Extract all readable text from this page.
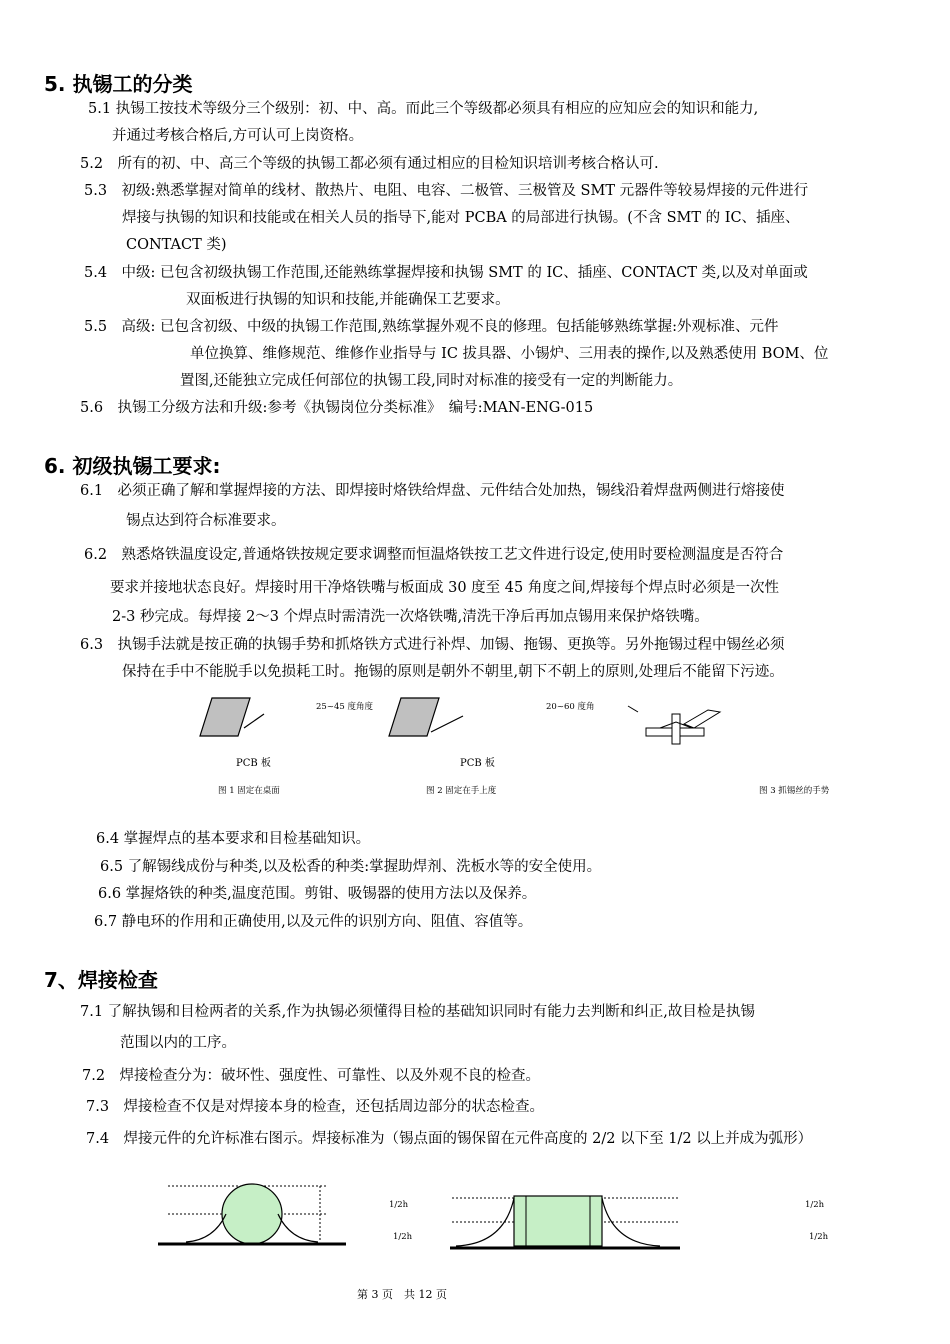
5. 执锡工的分类
5.1 执锡工按技术等级分三个级别：初、中、高。而此三个等级都必须具有相应的应知应会的知识和能力,
并通过考核合格后,方可认可上岗资格。
5.2　所有的初、中、高三个等级的执锡工都必须有通过相应的目检知识培训考核合格认可.
5.3　初级:熟悉掌握对简单的线材、散热片、电阻、电容、二极管、三极管及 SMT 元器件等较易焊接的元件进行
焊接与执锡的知识和技能或在相关人员的指导下,能对 PCBA 的局部进行执锡。(不含 SMT 的 IC、插座、
CONTACT 类)
5.4　中级: 已包含初级执锡工作范围,还能熟练掌握焊接和执锡 SMT 的 IC、插座、CONTACT 类,以及对单面或
双面板进行执锡的知识和技能,并能确保工艺要求。
5.5　高级: 已包含初级、中级的执锡工作范围,熟练掌握外观不良的修理。包括能够熟练掌握:外观标准、元件
单位换算、维修规范、维修作业指导与 IC 拔具器、小锡炉、三用表的操作,以及熟悉使用 BOM、位
置图,还能独立完成任何部位的执锡工段,同时对标准的接受有一定的判断能力。
5.6　执锡工分级方法和升级:参考《执锡岗位分类标准》　编号:MAN-ENG-015
6. 初级执锡工要求:
6.1　必须正确了解和掌握焊接的方法、即焊接时烙铁给焊盘、元件结合处加热，锡线沿着焊盘两侧进行熔接使
锡点达到符合标准要求。
6.2　熟悉烙铁温度设定,普通烙铁按规定要求调整而恒温烙铁按工艺文件进行设定,使用时要检测温度是否符合
要求并接地状态良好。焊接时用干净烙铁嘴与板面成 30 度至 45 角度之间,焊接每个焊点时必须是一次性
2-3 秒完成。每焊接 2～3 个焊点时需清洗一次烙铁嘴,清洗干净后再加点锡用来保护烙铁嘴。
6.3　执锡手法就是按正确的执锡手势和抓烙铁方式进行补焊、加锡、拖锡、更换等。另外拖锡过程中锡丝必须
保持在手中不能脱手以免损耗工时。拖锡的原则是朝外不朝里,朝下不朝上的原则,处理后不能留下污迹。
25~45 度角度	20~60 度角
PCB 板	PCB 板
图 1 固定在桌面	图 2 固定在手上度	图 3 抓锡丝的手势
6.4 掌握焊点的基本要求和目检基础知识。
6.5 了解锡线成份与种类,以及松香的种类:掌握助焊剂、洗板水等的安全使用。
6.6 掌握烙铁的种类,温度范围。剪钳、吸锡器的使用方法以及保养。
6.7 静电环的作用和正确使用,以及元件的识别方向、阻值、容值等。
7、焊接检查
7.1 了解执锡和目检两者的关系,作为执锡必须懂得目检的基础知识同时有能力去判断和纠正,故目检是执锡
范围以内的工序。
7.2　焊接检查分为：破坏性、强度性、可靠性、以及外观不良的检查。
7.3　焊接检查不仅是对焊接本身的检查，还包括周边部分的状态检查。
7.4　焊接元件的允许标准右图示。焊接标准为（锡点面的锡保留在元件高度的 2/2 以下至 1/2 以上并成为弧形）
1/2h
1/2h
1/2h
1/2h
第 3 页　共 12 页
